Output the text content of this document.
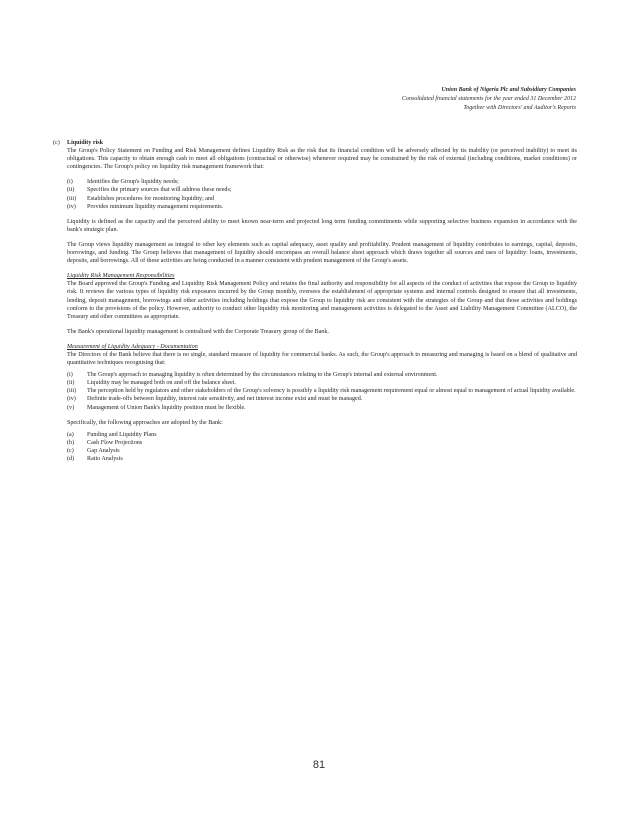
Union Bank of Nigeria Plc and Subsidiary Companies
Consolidated financial statements for the year ended 31 December 2012
Together with Directors' and Auditor's Reports
(c) Liquidity risk
The Group's Policy Statement on Funding and Risk Management defines Liquidity Risk as the risk that its financial condition will be adversely affected by its inability (or perceived inability) to meet its obligations. This capacity to obtain enough cash to meet all obligations (contractual or otherwise) whenever required may be constrained by the risk of external (including conditions, market conditions) or contingencies. The Group's policy on liquidity risk management framework that:
(i) Identifies the Group's liquidity needs;
(ii) Specifies the primary sources that will address these needs;
(iii) Establishes procedures for monitoring liquidity; and
(iv) Provides minimum liquidity management requirements.
Liquidity is defined as the capacity and the perceived ability to meet known near-term and projected long term funding commitments while supporting selective business expansion in accordance with the bank's strategic plan.
The Group views liquidity management as integral to other key elements such as capital adequacy, asset quality and profitability. Prudent management of liquidity contributes to earnings, capital, deposits, borrowings, and funding. The Group believes that management of liquidity should encompass an overall balance sheet approach which draws together all sources and uses of liquidity: loans, investments, deposits, and borrowings. All of these activities are being conducted in a manner consistent with prudent management of the Group's assets.
Liquidity Risk Management Responsibilities
The Board approved the Group's Funding and Liquidity Risk Management Policy and retains the final authority and responsibility for all aspects of the conduct of activities that expose the Group to liquidity risk. It reviews the various types of liquidity risk exposures incurred by the Group monthly, oversees the establishment of appropriate systems and internal controls designed to ensure that all investments, lending, deposit management, borrowings and other activities including holdings that expose the Group to liquidity risk are consistent with the strategies of the Group and that those activities and holdings conform to the provisions of the policy. However, authority to conduct other liquidity risk monitoring and management activities is delegated to the Asset and Liability Management Committee (ALCO), the Treasury and other committees as appropriate.
The Bank's operational liquidity management is centralised with the Corporate Treasury group of the Bank.
Measurement of Liquidity Adequacy - Documentation
The Directors of the Bank believe that there is no single, standard measure of liquidity for commercial banks. As such, the Group's approach to measuring and managing is based on a blend of qualitative and quantitative techniques recognising that:
(i) The Group's approach to managing liquidity is often determined by the circumstances relating to the Group's internal and external environment.
(ii) Liquidity may be managed both on and off the balance sheet.
(iii) The perception held by regulators and other stakeholders of the Group's solvency is possibly a liquidity risk management requirement equal or almost equal to management of actual liquidity available.
(iv) Definite trade-offs between liquidity, interest rate sensitivity, and net interest income exist and must be managed.
(v) Management of Union Bank's liquidity position must be flexible.
Specifically, the following approaches are adopted by the Bank:
(a) Funding and Liquidity Plans
(b) Cash Flow Projections
(c) Gap Analysis
(d) Ratio Analysis
81
